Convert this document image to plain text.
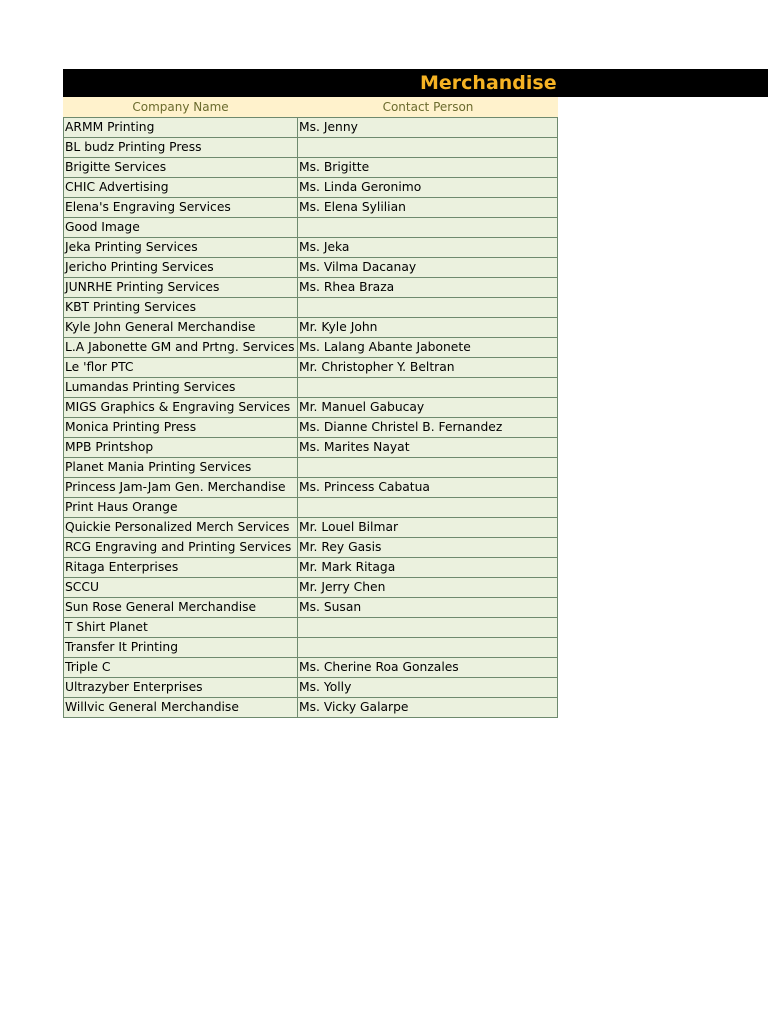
Merchandise
Company Name	Contact Person
ARMM Printing	Ms. Jenny
BL budz Printing Press
Brigitte Services	Ms. Brigitte
CHIC Advertising	Ms. Linda Geronimo
Elena's Engraving Services	Ms. Elena Sylilian
Good Image
Jeka Printing Services	Ms. Jeka
Jericho Printing Services	Ms. Vilma Dacanay
JUNRHE Printing Services	Ms. Rhea Braza
KBT Printing Services
Kyle John General Merchandise	Mr. Kyle John
L.A Jabonette GM and Prtng. Services Ms. Lalang Abante Jabonete
Le 'flor PTC	Mr. Christopher Y. Beltran
Lumandas Printing Services
MIGS Graphics & Engraving Services Mr. Manuel Gabucay
Monica Printing Press	Ms. Dianne Christel B. Fernandez
MPB Printshop	Ms. Marites Nayat
Planet Mania Printing Services
Princess Jam-Jam Gen. Merchandise	Ms. Princess Cabatua
Print Haus Orange
Quickie Personalized Merch Services Mr. Louel Bilmar
RCG Engraving and Printing Services Mr. Rey Gasis
Ritaga Enterprises	Mr. Mark Ritaga
SCCU	Mr. Jerry Chen
Sun Rose General Merchandise	Ms. Susan
T Shirt Planet
Transfer It Printing
Triple C	Ms. Cherine Roa Gonzales
Ultrazyber Enterprises	Ms. Yolly
Willvic General Merchandise	Ms. Vicky Galarpe
